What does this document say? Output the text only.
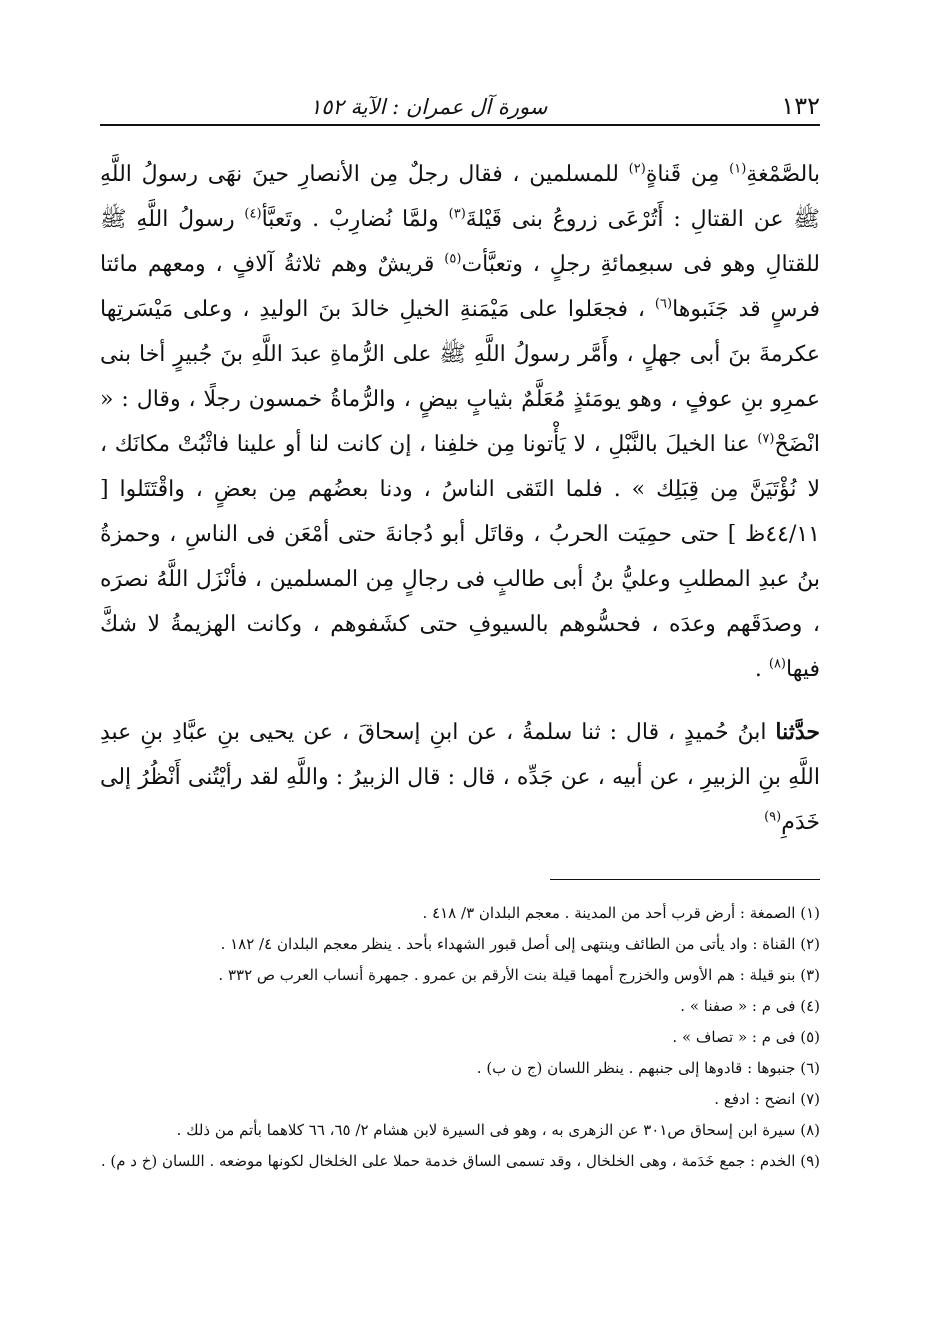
١٣٢
سورة آل عمران : الآية ١٥٢

بالصَّمْغةِ$^{(١)}$ مِن قَناةٍ$^{(٢)}$ للمسلمين ، فقال رجلٌ مِن الأنصارِ حينَ نهَى رسولُ اللَّهِ ﷺ عن القتالِ : أَتُرْعَى زروعُ بنى قَيْلةَ$^{(٣)}$ ولمَّا نُضارِبْ . وتَعبَّأ$^{(٤)}$ رسولُ اللَّهِ ﷺ للقتالِ وهو فى سبعِمائةِ رجلٍ ، وتعبَّأت$^{(٥)}$ قريشٌ وهم ثلاثةُ آلافٍ ، ومعهم مائتا فرسٍ قد جَنَبوها$^{(٦)}$ ، فجعَلوا على مَيْمَنةِ الخيلِ خالدَ بنَ الوليدِ ، وعلى مَيْسَرتِها عكرمةَ بنَ أبى جهلٍ ، وأَمَّر رسولُ اللَّهِ ﷺ على الرُّماةِ عبدَ اللَّهِ بنَ جُبيرٍ أخا بنى عمرِو بنِ عوفٍ ، وهو يومَئذٍ مُعَلَّمٌ بثيابٍ بيضٍ ، والرُّماةُ خمسون رجلًا ، وقال : « انْضَحْ$^{(٧)}$ عنا الخيلَ بالنَّبْلِ ، لا يَأْتونا مِن خلفِنا ، إن كانت لنا أو علينا فاثْبُتْ مكانَك ، لا نُؤْتَيَنَّ مِن قِبَلِك » . فلما التَقى الناسُ ، ودنا بعضُهم مِن بعضٍ ، واقْتَتَلوا [ ٤٤/١١ظ ] حتى حمِيَت الحربُ ، وقاتَل أبو دُجانةَ حتى أمْعَن فى الناسِ ، وحمزةُ بنُ عبدِ المطلبِ وعليُّ بنُ أبى طالبٍ فى رجالٍ مِن المسلمين ، فأنْزَل اللَّهُ نصرَه ، وصدَقَهم وعدَه ، فحسُّوهم بالسيوفِ حتى كشَفوهم ، وكانت الهزيمةُ لا شكَّ فيها$^{(٨)}$ .

حدَّثنا ابنُ حُميدٍ ، قال : ثنا سلمةُ ، عن ابنِ إسحاقَ ، عن يحيى بنِ عبَّادِ بنِ عبدِ اللَّهِ بنِ الزبيرِ ، عن أبيه ، عن جَدِّه ، قال : قال الزبيرُ : واللَّهِ لقد رأيْتُنى أَنْظُرُ إلى خَدَمِ$^{(٩)}$

(١) الصمغة : أرض قرب أحد من المدينة . معجم البلدان ٣/ ٤١٨ .

(٢) القناة : واد يأتى من الطائف وينتهى إلى أصل قبور الشهداء بأحد . ينظر معجم البلدان ٤/ ١٨٢ .

(٣) بنو قيلة : هم الأوس والخزرج أمهما قيلة بنت الأرقم بن عمرو . جمهرة أنساب العرب ص ٣٣٢ .

(٤) فى م : « صفنا » .

(٥) فى م : « تصاف » .

(٦) جنبوها : قادوها إلى جنبهم . ينظر اللسان (ج ن ب) .

(٧) انضح : ادفع .

(٨) سيرة ابن إسحاق ص٣٠١ عن الزهرى به ، وهو فى السيرة لابن هشام ٢/ ٦٥، ٦٦ كلاهما بأتم من ذلك .

(٩) الخدم : جمع خَدَمة ، وهى الخلخال ، وقد تسمى الساق خدمة حملا على الخلخال لكونها موضعه . اللسان (خ د م) .
